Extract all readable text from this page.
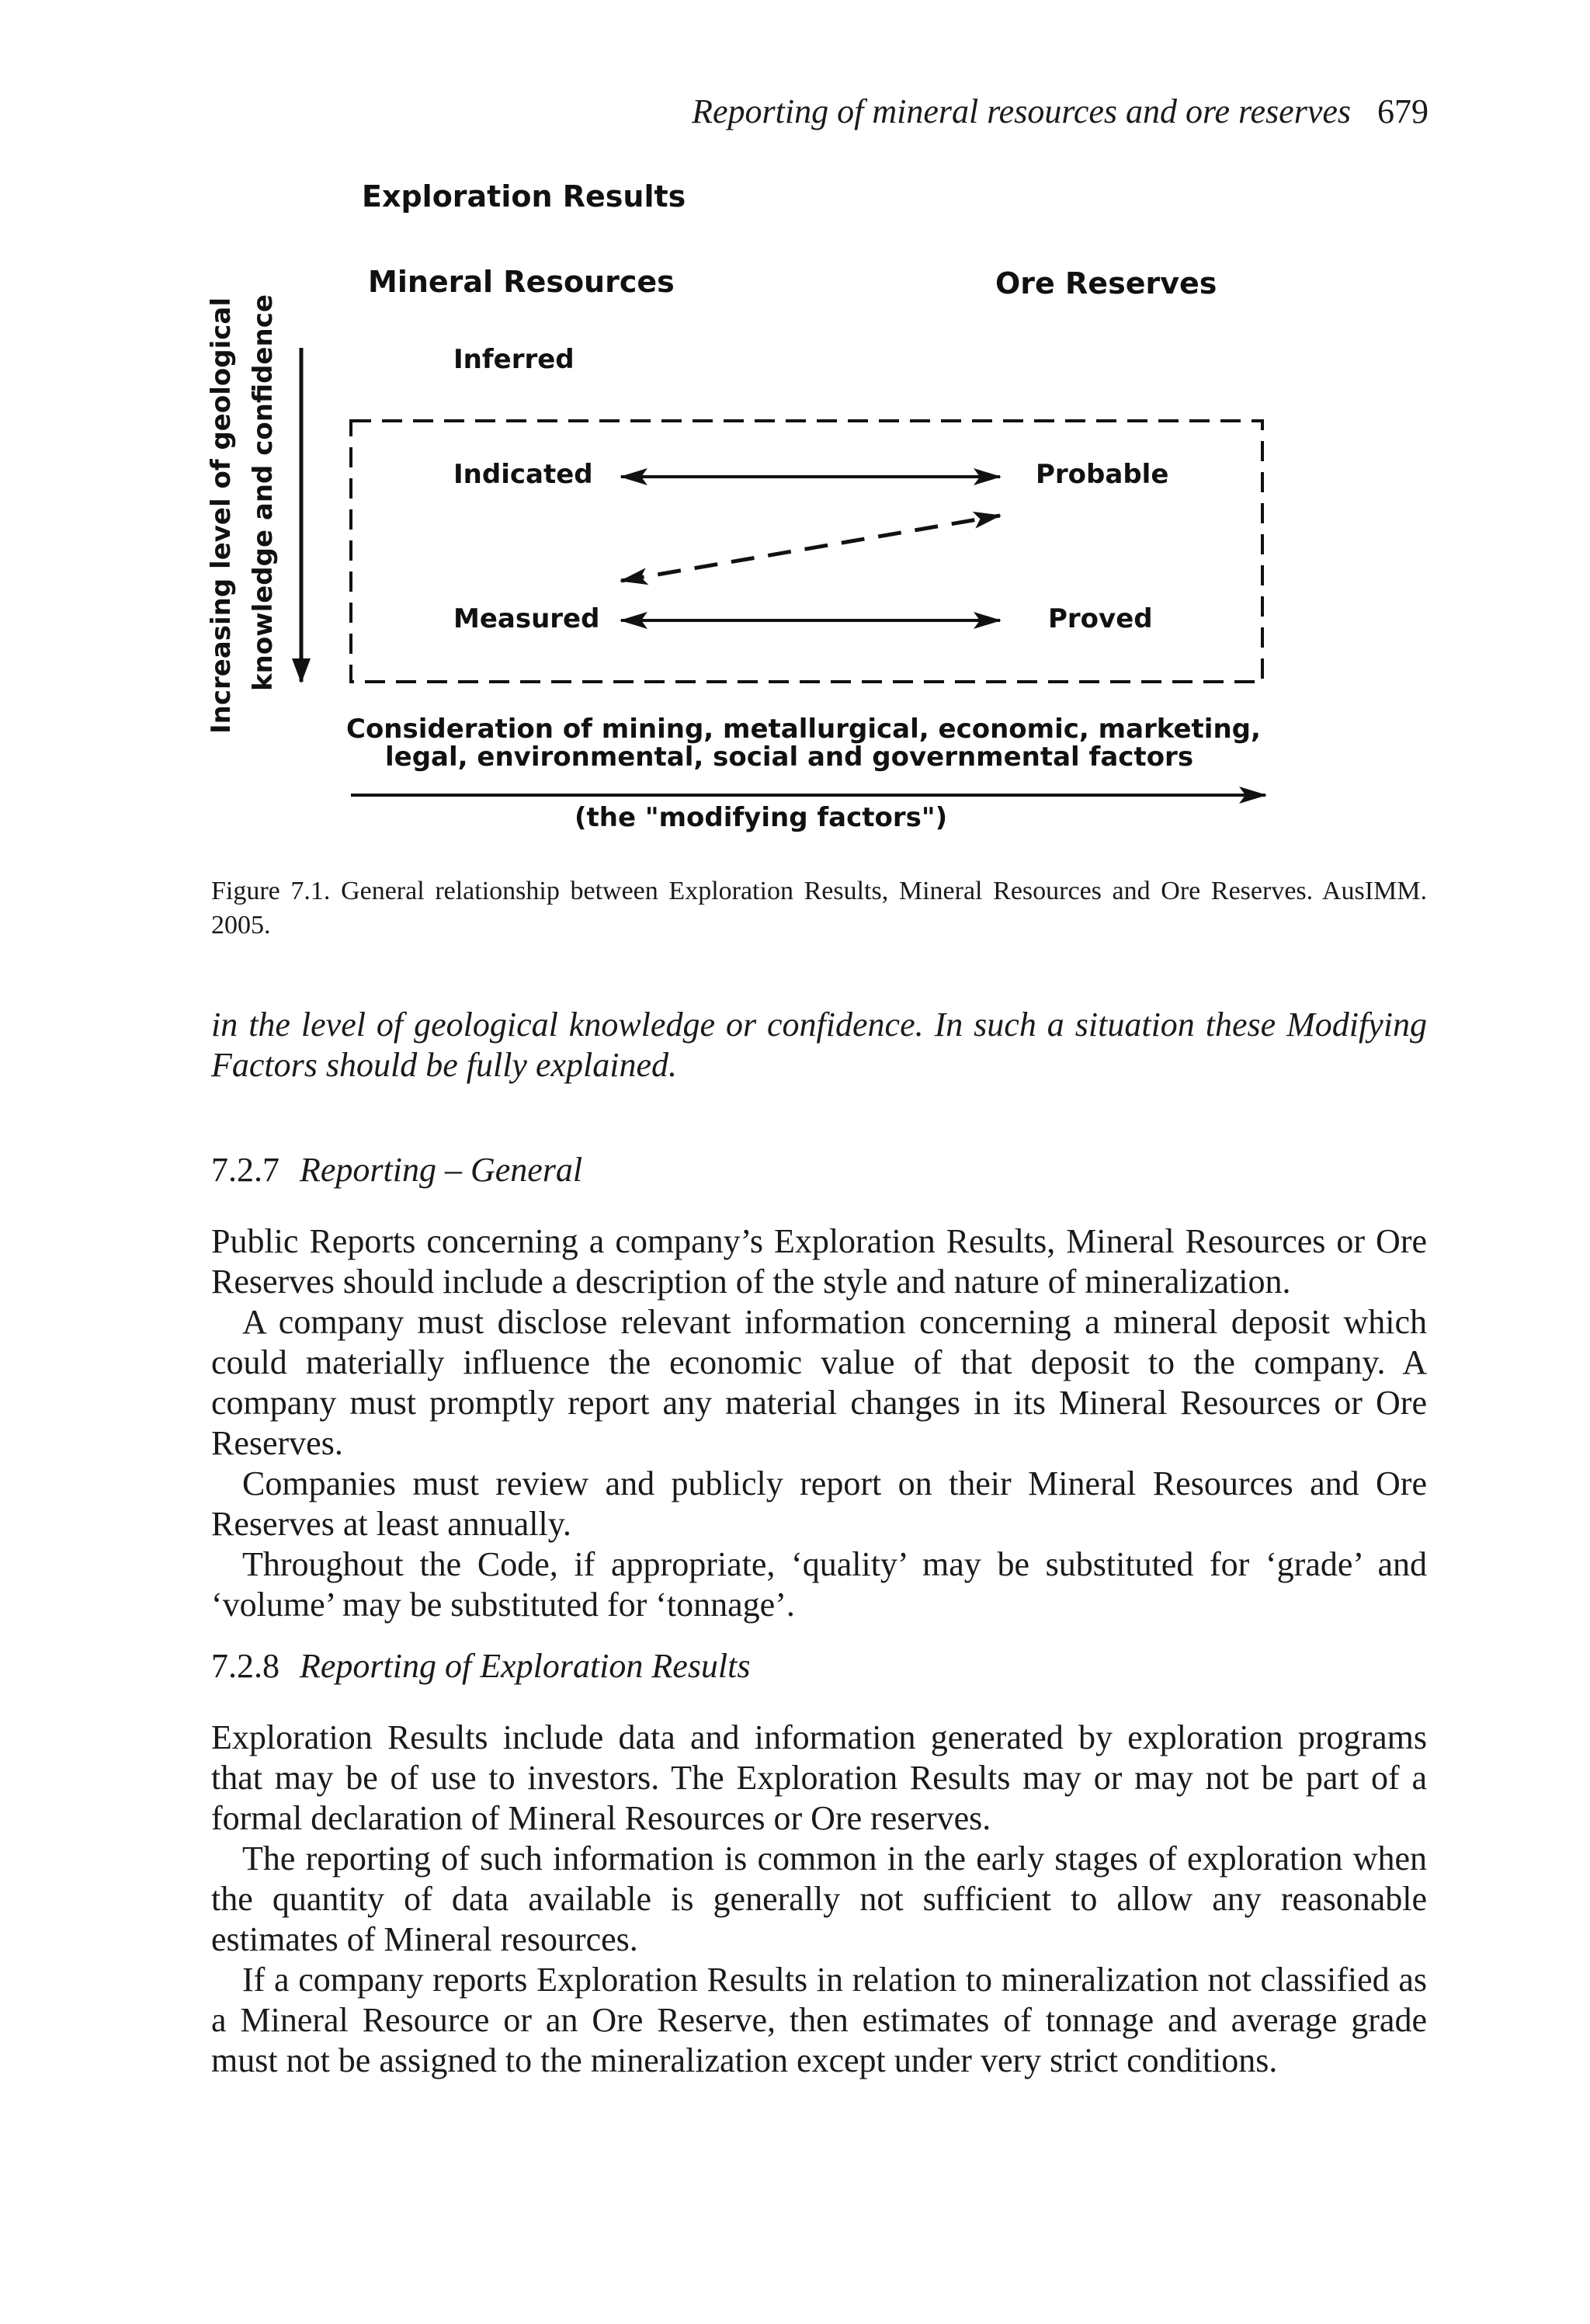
Reporting of mineral resources and ore reserves 679
Exploration Results
Mineral Resources	Ore Reserves
Increasing level of geological knowledge and confidence	Inferred
Indicated	Probable
Measured	Proved
Consideration of mining, metallurgical, economic, marketing,
legal, environmental, social and governmental factors
(the "modifying factors")
Figure 7.1. General relationship between Exploration Results, Mineral Resources and Ore Reserves. AusIMM. 2005.
in the level of geological knowledge or confidence. In such a situation these Modifying Factors should be fully explained.
7.2.7 Reporting – General

Public Reports concerning a company’s Exploration Results, Mineral Resources or Ore Reserves should include a description of the style and nature of mineralization.

A company must disclose relevant information concerning a mineral deposit which could materially influence the economic value of that deposit to the company. A company must promptly report any material changes in its Mineral Resources or Ore Reserves.

Companies must review and publicly report on their Mineral Resources and Ore Reserves at least annually.

Throughout the Code, if appropriate, ‘quality’ may be substituted for ‘grade’ and ‘volume’ may be substituted for ‘tonnage’.

7.2.8 Reporting of Exploration Results

Exploration Results include data and information generated by exploration programs that may be of use to investors. The Exploration Results may or may not be part of a formal declaration of Mineral Resources or Ore reserves.

The reporting of such information is common in the early stages of exploration when the quantity of data available is generally not sufficient to allow any reasonable estimates of Mineral resources.

If a company reports Exploration Results in relation to mineralization not classified as a Mineral Resource or an Ore Reserve, then estimates of tonnage and average grade must not be assigned to the mineralization except under very strict conditions.
